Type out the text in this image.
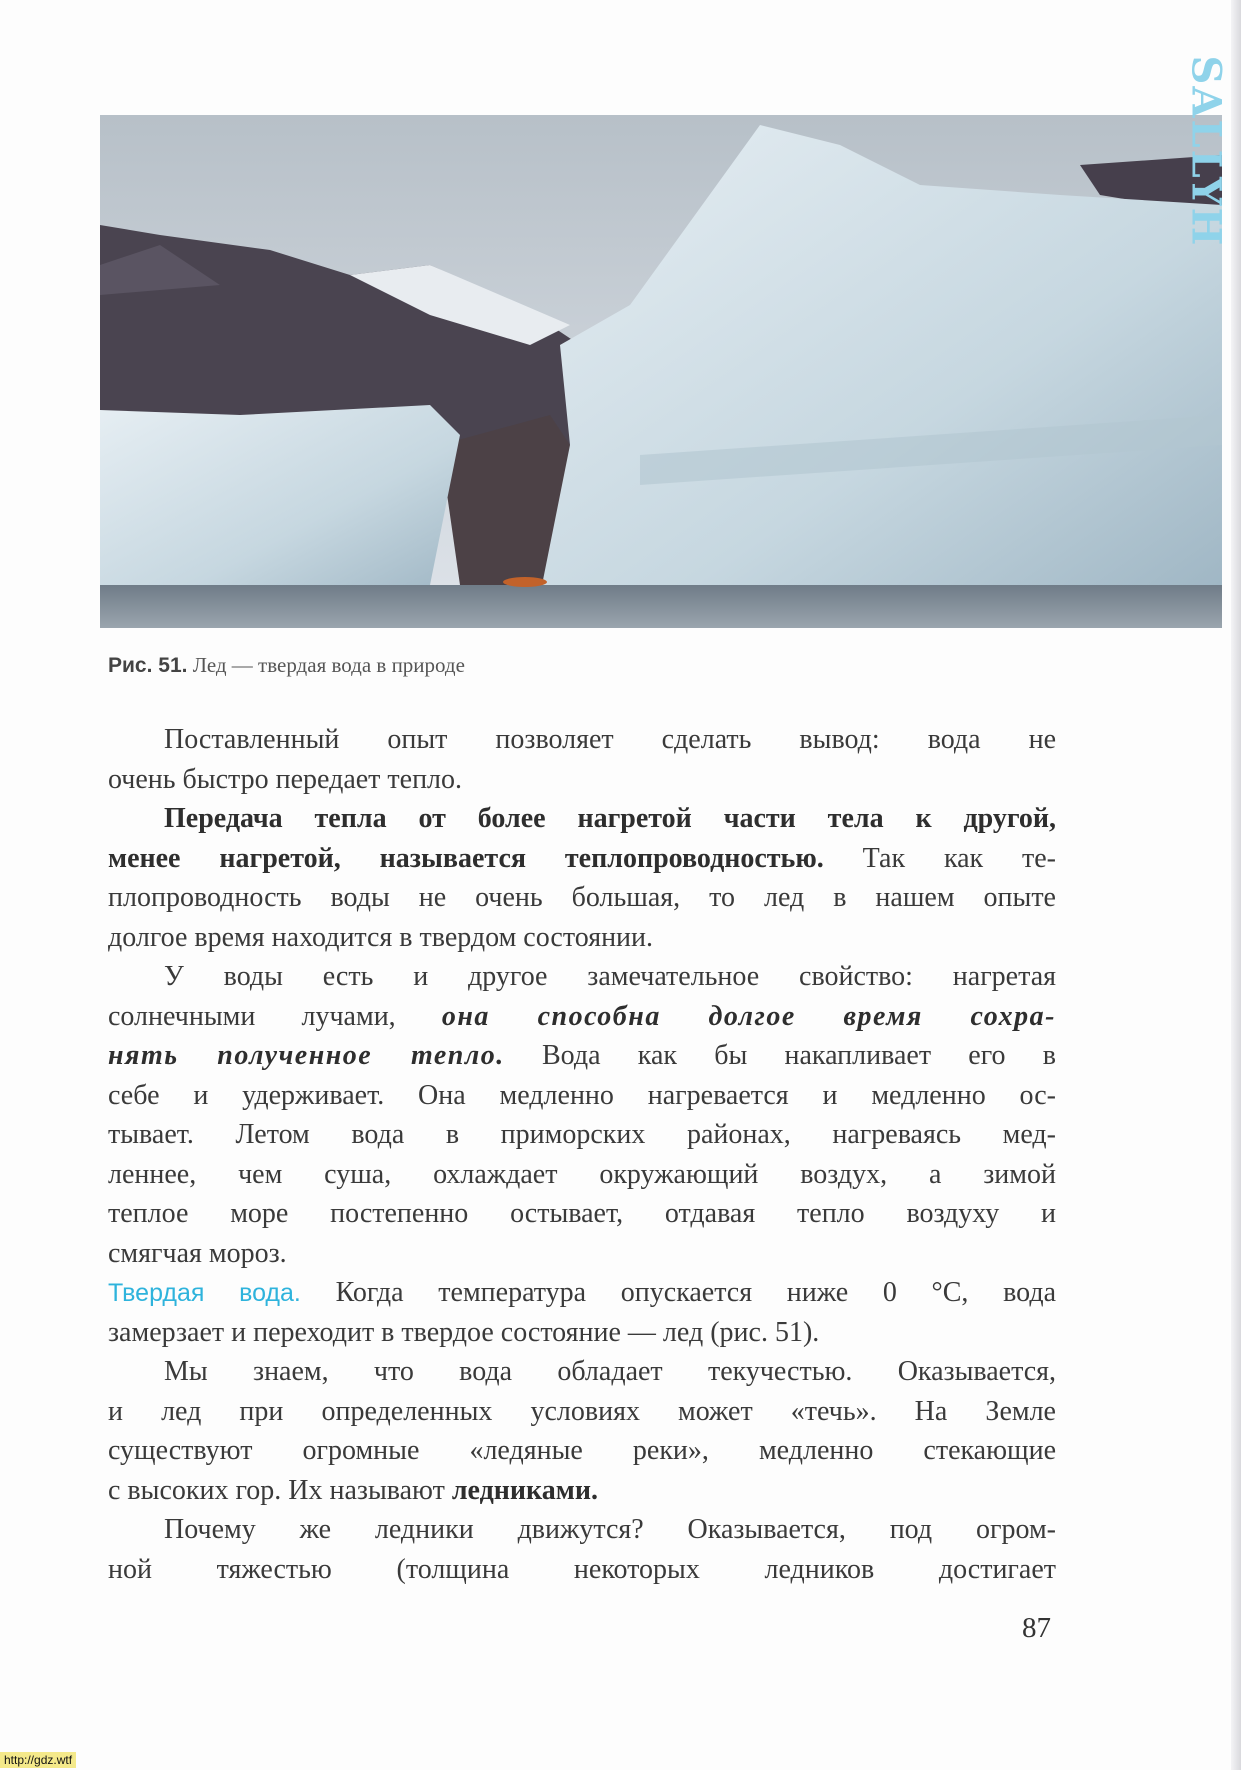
SALLYH
Рис. 51. Лед — твердая вода в природе
Поставленный опыт позволяет сделать вывод: вода не
очень быстро передает тепло.
Передача тепла от более нагретой части тела к другой,
менее нагретой, называется теплопроводностью. Так как те-
плопроводность воды не очень большая, то лед в нашем опыте
долгое время находится в твердом состоянии.
У воды есть и другое замечательное свойство: нагретая
солнечными лучами, она способна долгое время сохра-
нять полученное тепло. Вода как бы накапливает его в
себе и удерживает. Она медленно нагревается и медленно ос-
тывает. Летом вода в приморских районах, нагреваясь мед-
леннее, чем суша, охлаждает окружающий воздух, а зимой
теплое море постепенно остывает, отдавая тепло воздуху и
смягчая мороз.
Твердая вода. Когда температура опускается ниже 0 °С, вода
замерзает и переходит в твердое состояние — лед (рис. 51).
Мы знаем, что вода обладает текучестью. Оказывается,
и лед при определенных условиях может «течь». На Земле
существуют огромные «ледяные реки», медленно стекающие
с высоких гор. Их называют ледниками.
Почему же ледники движутся? Оказывается, под огром-
ной тяжестью (толщина некоторых ледников достигает
87
http://gdz.wtf
